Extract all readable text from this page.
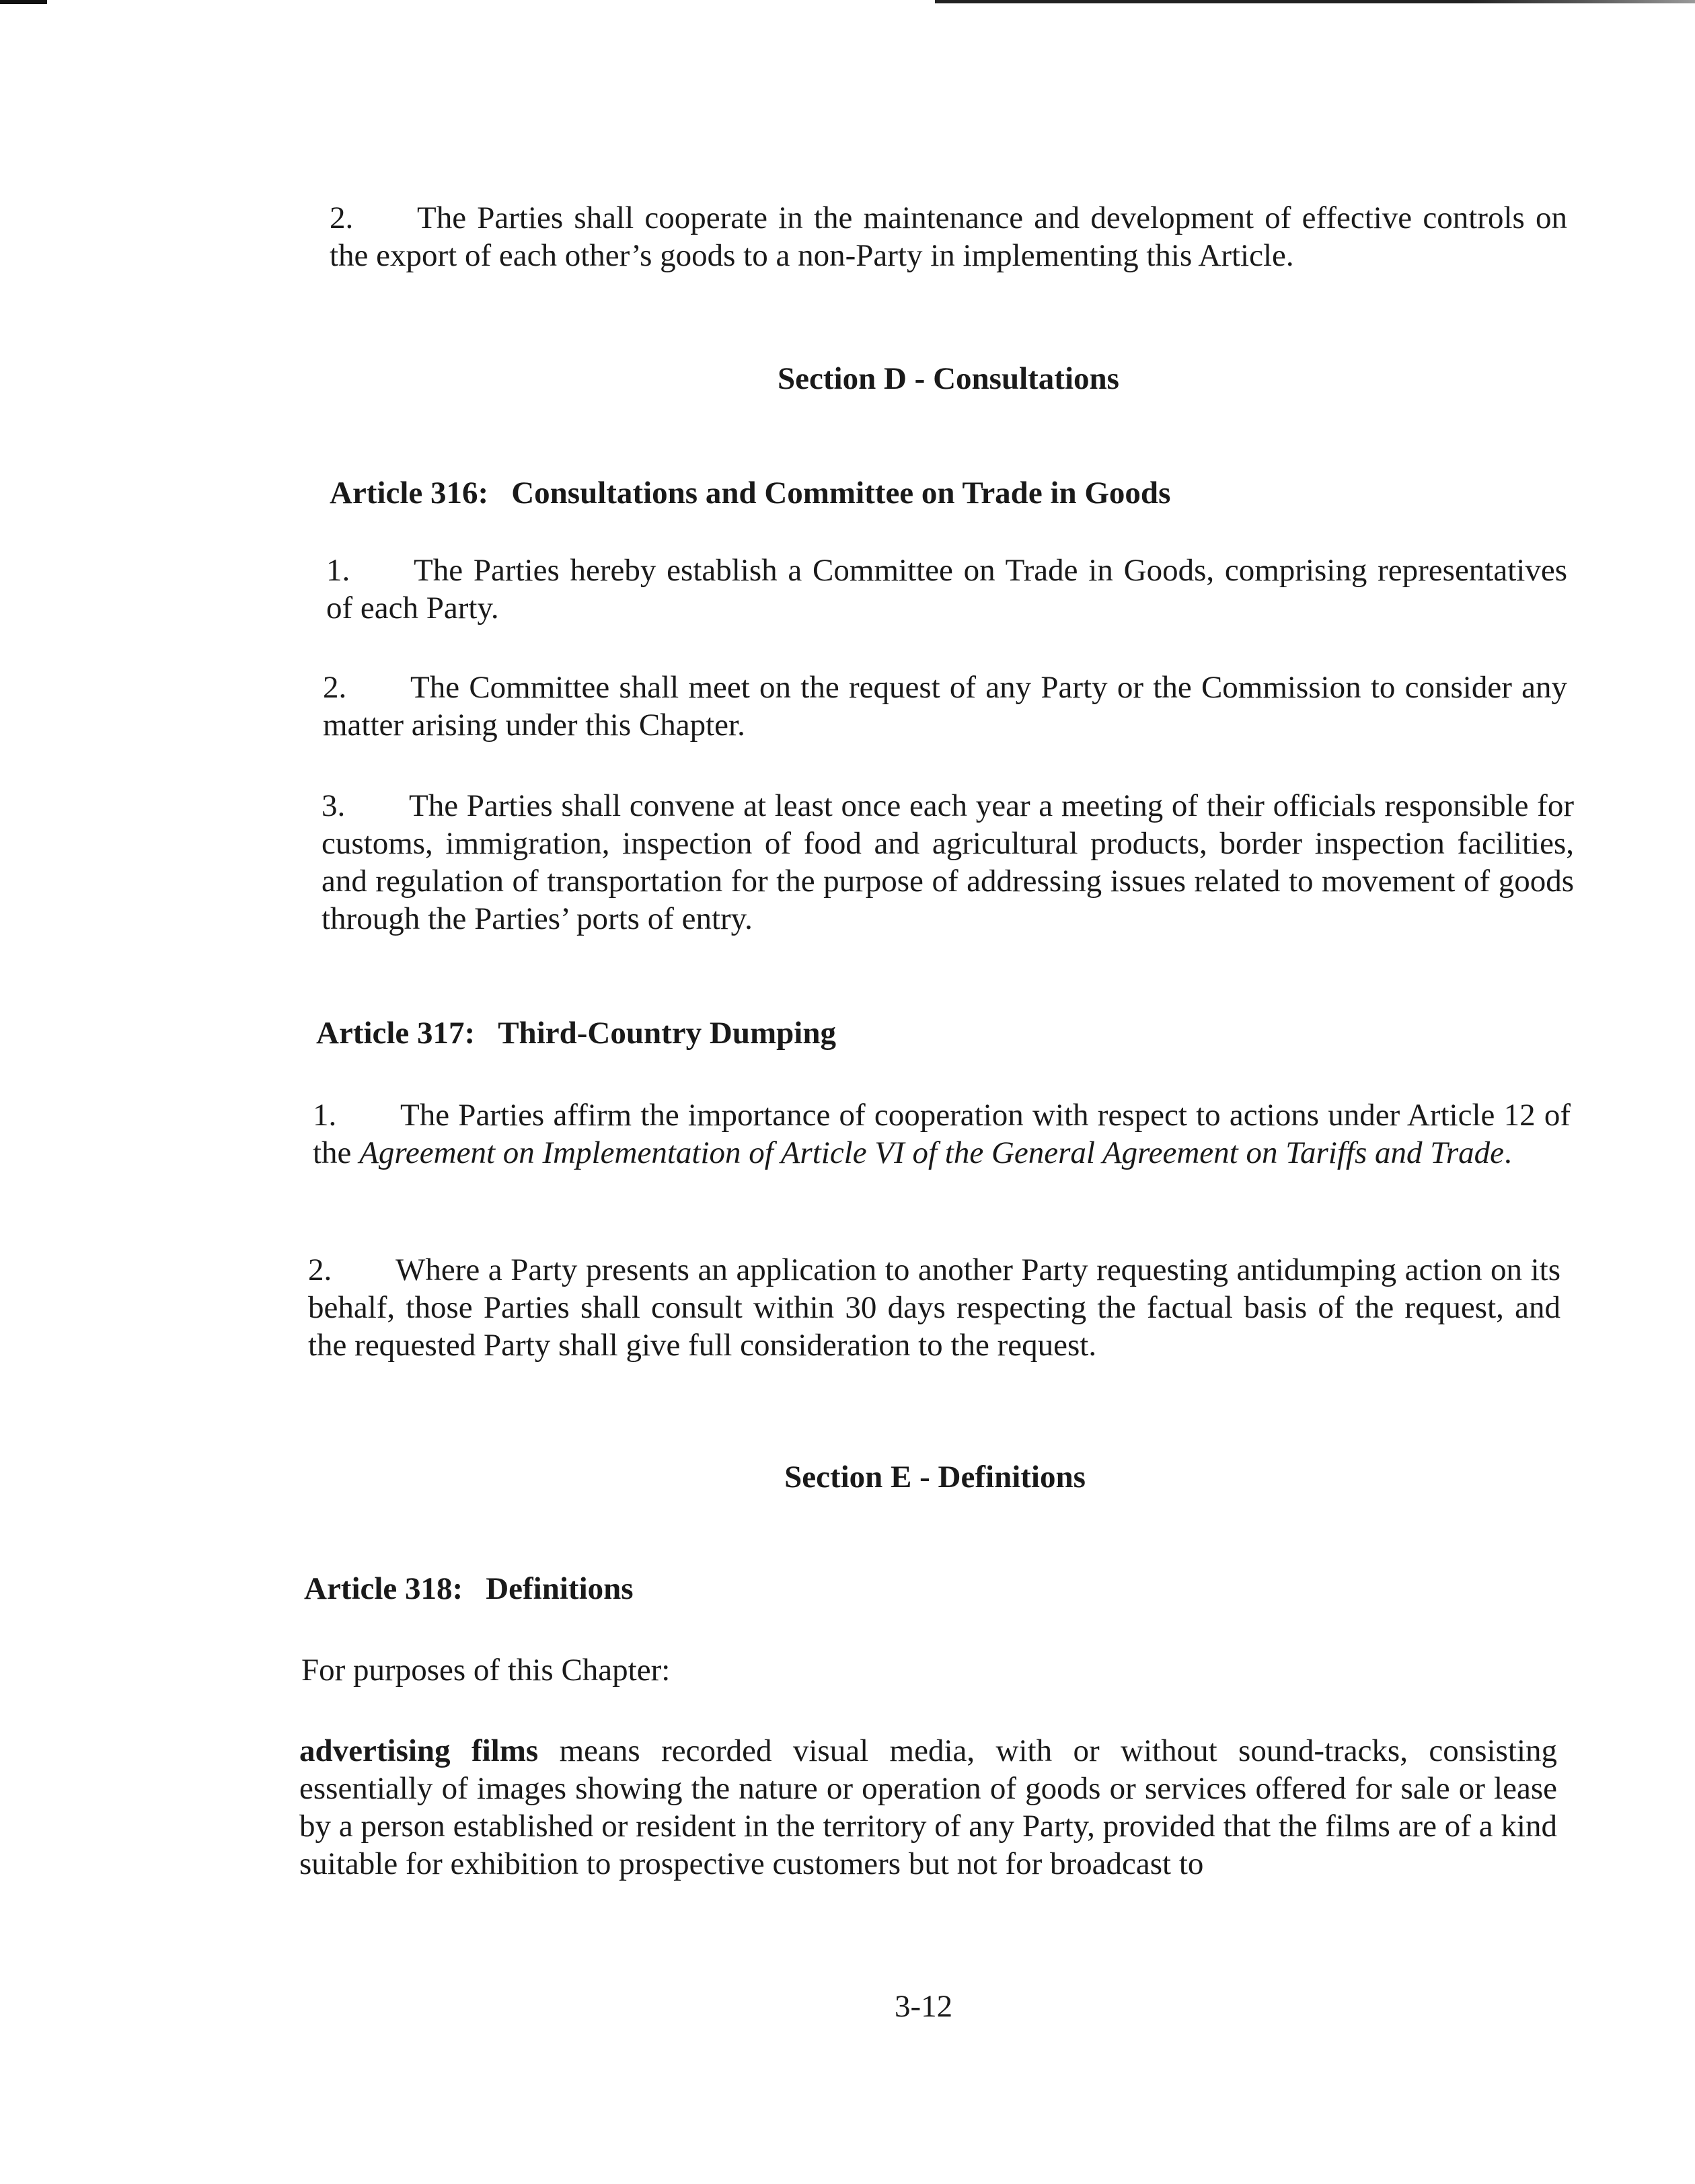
2. The Parties shall cooperate in the maintenance and development of effective controls on the export of each other’s goods to a non-Party in implementing this Article.

Section D - Consultations
Article 316: Consultations and Committee on Trade in Goods

1. The Parties hereby establish a Committee on Trade in Goods, comprising representatives of each Party.

2. The Committee shall meet on the request of any Party or the Commission to consider any matter arising under this Chapter.

3. The Parties shall convene at least once each year a meeting of their officials responsible for customs, immigration, inspection of food and agricultural products, border inspection facilities, and regulation of transportation for the purpose of addressing issues related to movement of goods through the Parties’ ports of entry.

Article 317: Third-Country Dumping

1. The Parties affirm the importance of cooperation with respect to actions under Article 12 of the Agreement on Implementation of Article VI of the General Agreement on Tariffs and Trade.

2. Where a Party presents an application to another Party requesting antidumping action on its behalf, those Parties shall consult within 30 days respecting the factual basis of the request, and the requested Party shall give full consideration to the request.

Section E - Definitions
Article 318: Definitions

For purposes of this Chapter:

advertising films means recorded visual media, with or without sound-tracks, consisting essentially of images showing the nature or operation of goods or services offered for sale or lease by a person established or resident in the territory of any Party, provided that the films are of a kind suitable for exhibition to prospective customers but not for broadcast to

3-12
